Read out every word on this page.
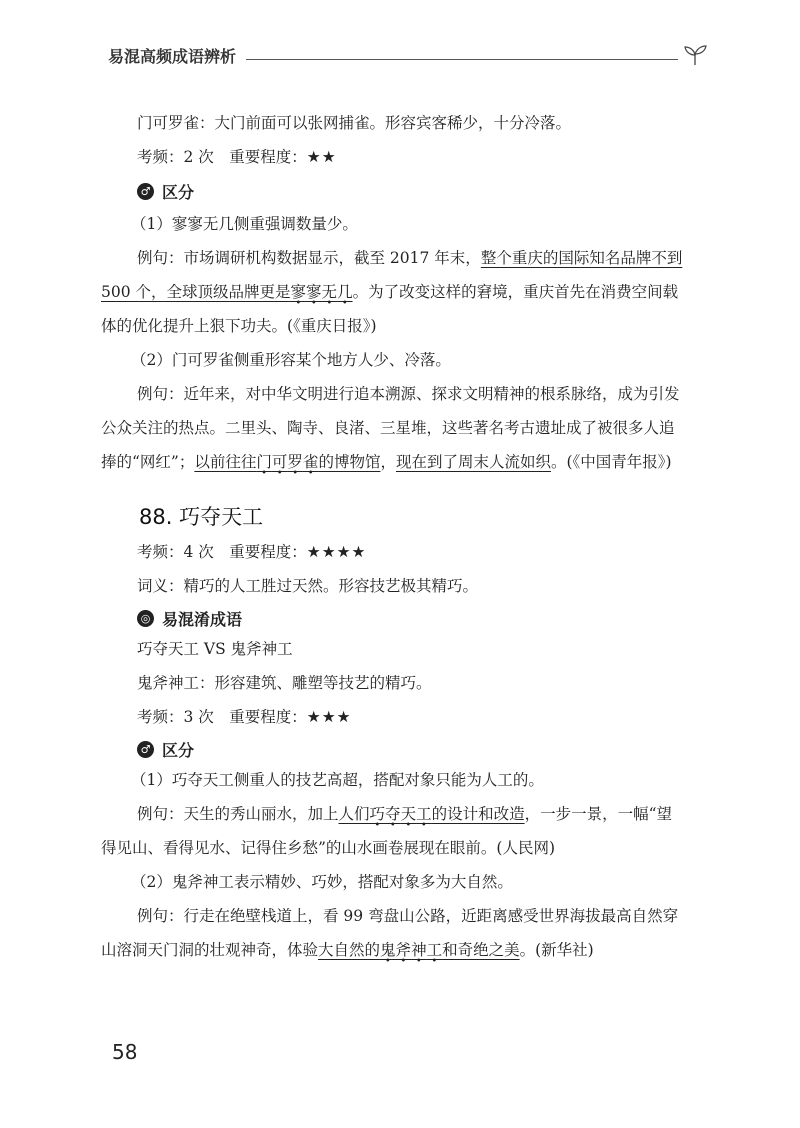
易混高频成语辨析
门可罗雀：大门前面可以张网捕雀。形容宾客稀少，十分冷落。
考频：2 次　重要程度：★★
♂ 区分
（1）寥寥无几侧重强调数量少。
例句：市场调研机构数据显示，截至 2017 年末，整个重庆的国际知名品牌不到
500 个，全球顶级品牌更是寥寥无几。为了改变这样的窘境，重庆首先在消费空间载
体的优化提升上狠下功夫。(《重庆日报》)
（2）门可罗雀侧重形容某个地方人少、冷落。
例句：近年来，对中华文明进行追本溯源、探求文明精神的根系脉络，成为引发
公众关注的热点。二里头、陶寺、良渚、三星堆，这些著名考古遗址成了被很多人追
捧的“网红”；以前往往门可罗雀的博物馆，现在到了周末人流如织。(《中国青年报》)
88. 巧夺天工
考频：4 次　重要程度：★★★★
词义：精巧的人工胜过天然。形容技艺极其精巧。
◎ 易混淆成语
巧夺天工 VS 鬼斧神工
鬼斧神工：形容建筑、雕塑等技艺的精巧。
考频：3 次　重要程度：★★★
♂ 区分
（1）巧夺天工侧重人的技艺高超，搭配对象只能为人工的。
例句：天生的秀山丽水，加上人们巧夺天工的设计和改造，一步一景，一幅“望
得见山、看得见水、记得住乡愁”的山水画卷展现在眼前。(人民网)
（2）鬼斧神工表示精妙、巧妙，搭配对象多为大自然。
例句：行走在绝壁栈道上，看 99 弯盘山公路，近距离感受世界海拔最高自然穿
山溶洞天门洞的壮观神奇，体验大自然的鬼斧神工和奇绝之美。(新华社)
58
